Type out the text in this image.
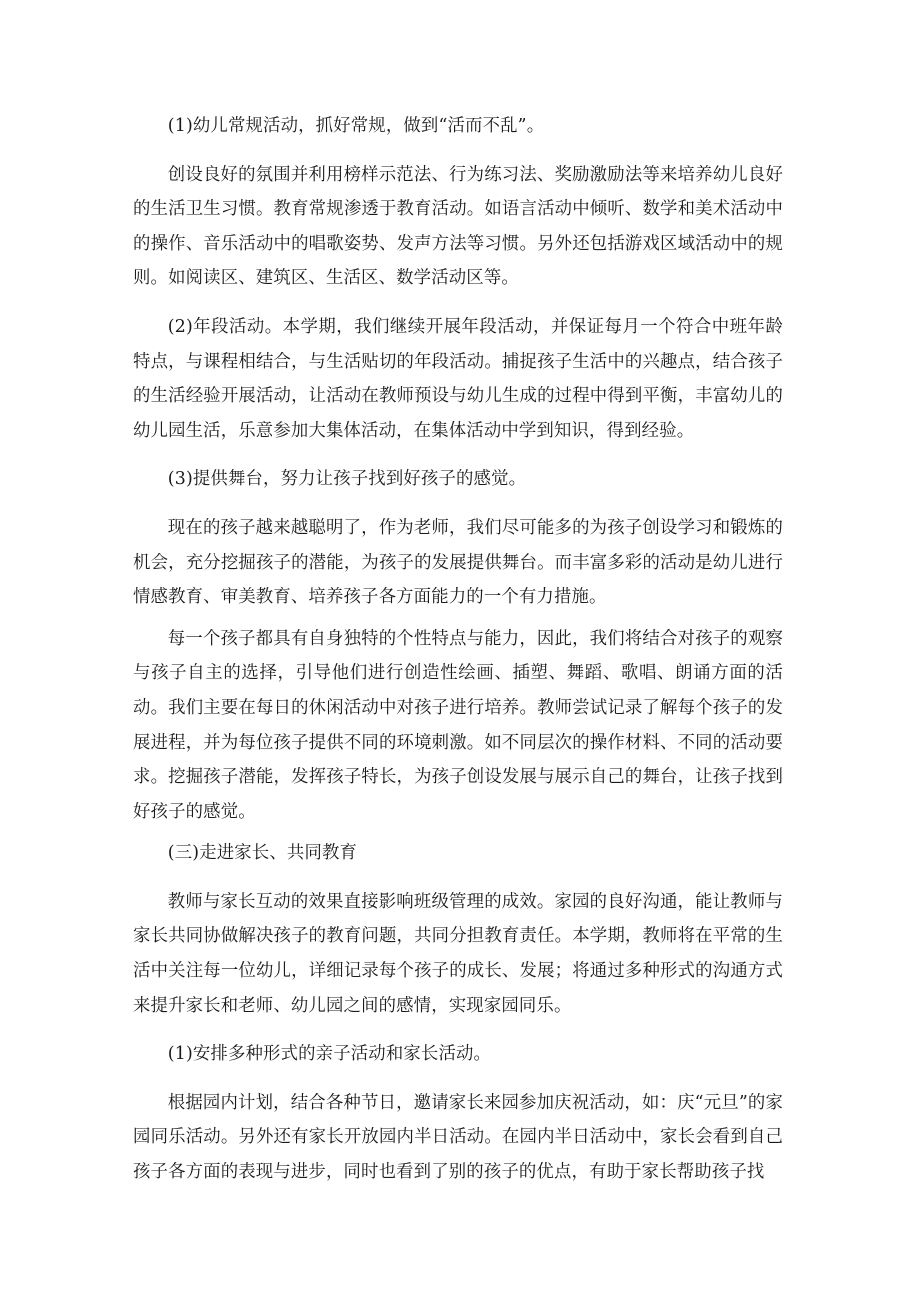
(1)幼儿常规活动，抓好常规，做到“活而不乱”。

创设良好的氛围并利用榜样示范法、行为练习法、奖励激励法等来培养幼儿良好的生活卫生习惯。教育常规渗透于教育活动。如语言活动中倾听、数学和美术活动中的操作、音乐活动中的唱歌姿势、发声方法等习惯。另外还包括游戏区域活动中的规则。如阅读区、建筑区、生活区、数学活动区等。

(2)年段活动。本学期，我们继续开展年段活动，并保证每月一个符合中班年龄特点，与课程相结合，与生活贴切的年段活动。捕捉孩子生活中的兴趣点，结合孩子的生活经验开展活动，让活动在教师预设与幼儿生成的过程中得到平衡，丰富幼儿的幼儿园生活，乐意参加大集体活动，在集体活动中学到知识，得到经验。

(3)提供舞台，努力让孩子找到好孩子的感觉。

现在的孩子越来越聪明了，作为老师，我们尽可能多的为孩子创设学习和锻炼的机会，充分挖掘孩子的潜能，为孩子的发展提供舞台。而丰富多彩的活动是幼儿进行情感教育、审美教育、培养孩子各方面能力的一个有力措施。

每一个孩子都具有自身独特的个性特点与能力，因此，我们将结合对孩子的观察与孩子自主的选择，引导他们进行创造性绘画、插塑、舞蹈、歌唱、朗诵方面的活动。我们主要在每日的休闲活动中对孩子进行培养。教师尝试记录了解每个孩子的发展进程，并为每位孩子提供不同的环境刺激。如不同层次的操作材料、不同的活动要求。挖掘孩子潜能，发挥孩子特长，为孩子创设发展与展示自己的舞台，让孩子找到好孩子的感觉。

(三)走进家长、共同教育

教师与家长互动的效果直接影响班级管理的成效。家园的良好沟通，能让教师与家长共同协做解决孩子的教育问题，共同分担教育责任。本学期，教师将在平常的生活中关注每一位幼儿，详细记录每个孩子的成长、发展；将通过多种形式的沟通方式来提升家长和老师、幼儿园之间的感情，实现家园同乐。

(1)安排多种形式的亲子活动和家长活动。

根据园内计划，结合各种节日，邀请家长来园参加庆祝活动，如：庆“元旦”的家园同乐活动。另外还有家长开放园内半日活动。在园内半日活动中，家长会看到自己孩子各方面的表现与进步，同时也看到了别的孩子的优点，有助于家长帮助孩子找
